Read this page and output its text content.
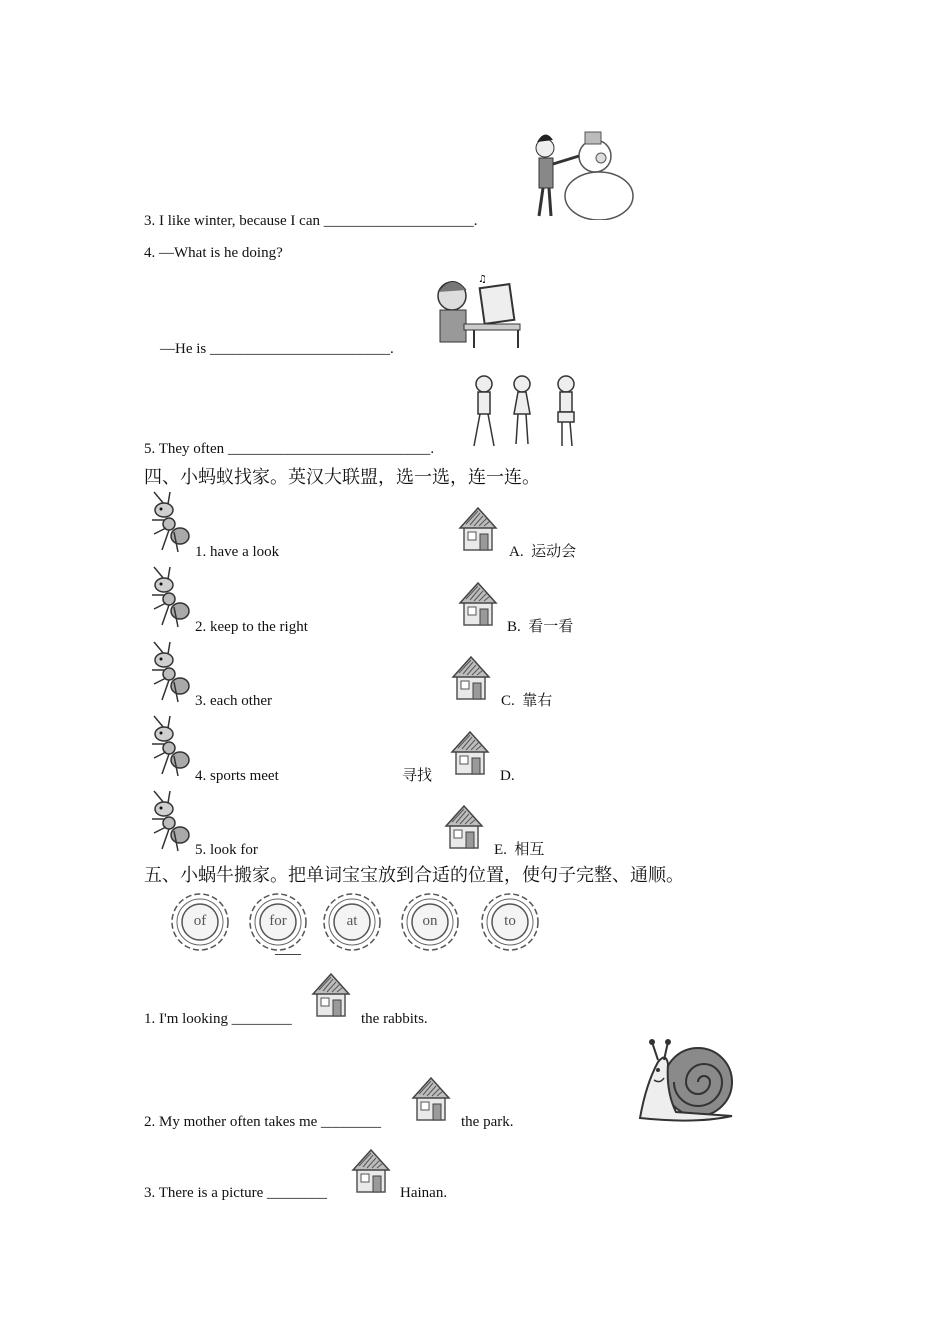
3. I like winter, because I can ____________________.
4. —What is he doing?
♫
—He is ________________________.
5. They often ___________________________.
四、小蚂蚁找家。英汉大联盟，选一选，连一连。
1. have a look	A.  运动会
2. keep to the right	B.  看一看
3. each other	C.  靠右
4. sports meet	寻找	D.
5. look for	E.  相互
五、小蜗牛搬家。把单词宝宝放到合适的位置，使句子完整、通顺。
of	for	at	on	to
1. I'm looking ________	the rabbits.
2. My mother often takes me ________	the park.
3. There is a picture ________	Hainan.
